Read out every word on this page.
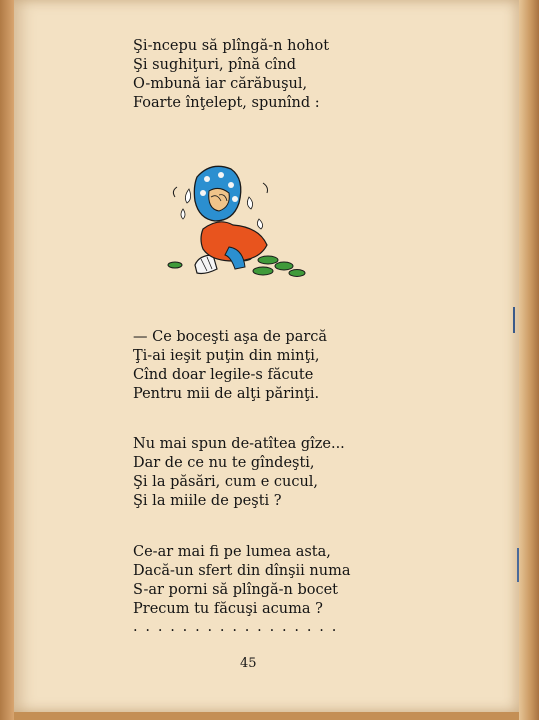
Şi-ncepu să plîngă-n hohot
Şi sughiţuri, pînă cînd
O-mbună iar cărăbuşul,
Foarte înţelept, spunînd :
— Ce boceşti aşa de parcă
Ţi-ai ieşit puţin din minţi,
Cînd doar legile-s făcute
Pentru mii de alţi părinţi.
Nu mai spun de-atîtea gîze...
Dar de ce nu te gîndeşti,
Şi la păsări, cum e cucul,
Şi la miile de peşti ?
Ce-ar mai fi pe lumea asta,
Dacă-un sfert din dînşii numa
S-ar porni să plîngă-n bocet
Precum tu făcuşi acuma ?
. . . . . . . . . . . . . . . . .
45
